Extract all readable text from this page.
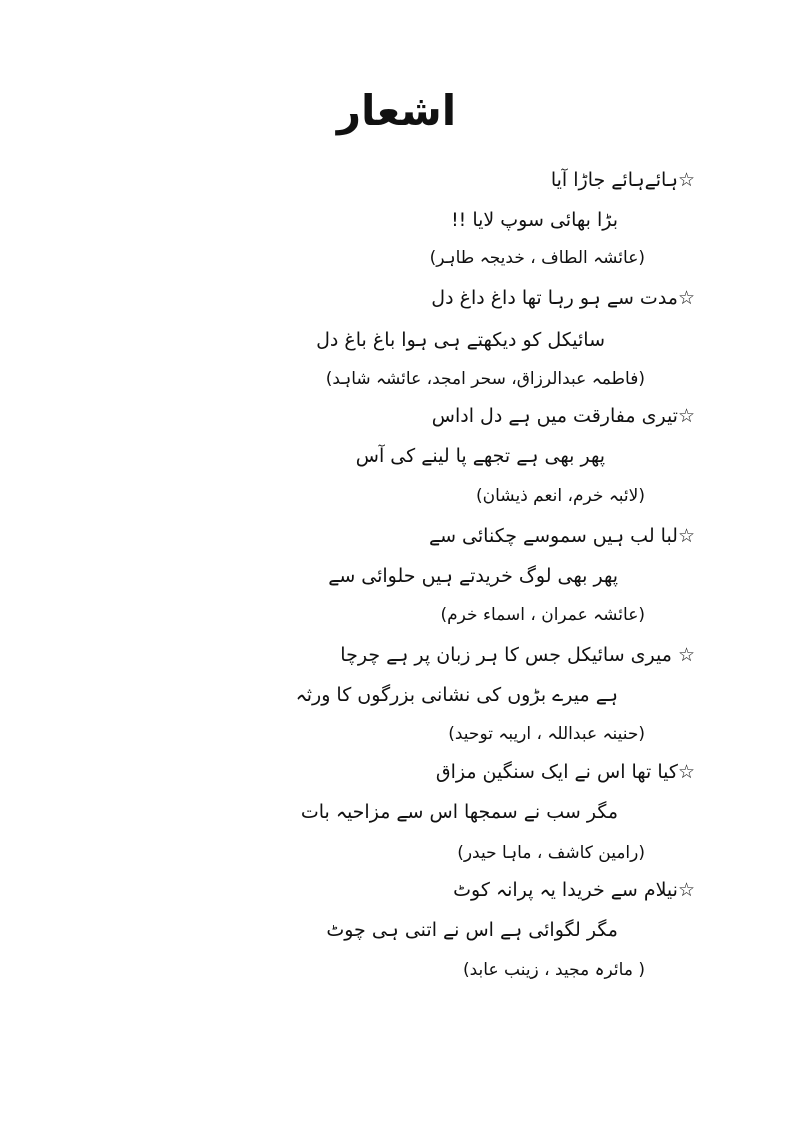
اشعار
☆ہائےہائے جاڑا آیا
بڑا بھائی سوپ لایا !!
(عائشہ الطاف ، خدیجہ طاہر)
☆مدت سے ہو رہا تھا داغ داغ دل
سائیکل کو دیکھتے ہی ہوا باغ باغ دل
(فاطمہ عبدالرزاق، سحر امجد، عائشہ شاہد)
☆تیری مفارقت میں ہے دل اداس
پھر بھی ہے تجھے پا لینے کی آس
(لائبہ خرم، انعم ذیشان)
☆لبا لب ہیں سموسے چکنائی سے
پھر بھی لوگ خریدتے ہیں حلوائی سے
(عائشہ عمران ، اسماء خرم)
☆ میری سائیکل جس کا ہر زبان پر ہے چرچا
ہے میرے بڑوں کی نشانی بزرگوں کا ورثہ
(حنینہ عبداللہ ، اریبہ توحید)
☆کیا تھا اس نے ایک سنگین مزاق
مگر سب نے سمجھا اس سے مزاحیہ بات
(رامین کاشف ، ماہا حیدر)
☆نیلام سے خریدا یہ پرانہ کوٹ
مگر لگوائی ہے اس نے اتنی ہی چوٹ
( مائرہ مجید ، زینب عابد)
